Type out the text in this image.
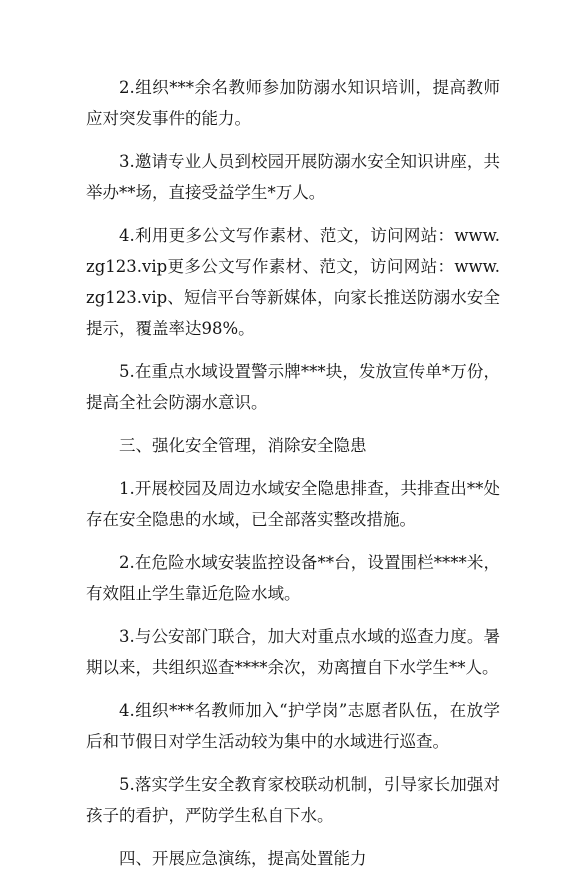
2.组织***余名教师参加防溺水知识培训，提高教师应对突发事件的能力。

3.邀请专业人员到校园开展防溺水安全知识讲座，共举办**场，直接受益学生*万人。

4.利用更多公文写作素材、范文，访问网站：www.zg123.vip更多公文写作素材、范文，访问网站：www.zg123.vip、短信平台等新媒体，向家长推送防溺水安全提示，覆盖率达98%。

5.在重点水域设置警示牌***块，发放宣传单*万份，提高全社会防溺水意识。

三、强化安全管理，消除安全隐患

1.开展校园及周边水域安全隐患排查，共排查出**处存在安全隐患的水域，已全部落实整改措施。

2.在危险水域安装监控设备**台，设置围栏****米，有效阻止学生靠近危险水域。

3.与公安部门联合，加大对重点水域的巡查力度。暑期以来，共组织巡查****余次，劝离擅自下水学生**人。

4.组织***名教师加入“护学岗”志愿者队伍，在放学后和节假日对学生活动较为集中的水域进行巡查。

5.落实学生安全教育家校联动机制，引导家长加强对孩子的看护，严防学生私自下水。

四、开展应急演练，提高处置能力
